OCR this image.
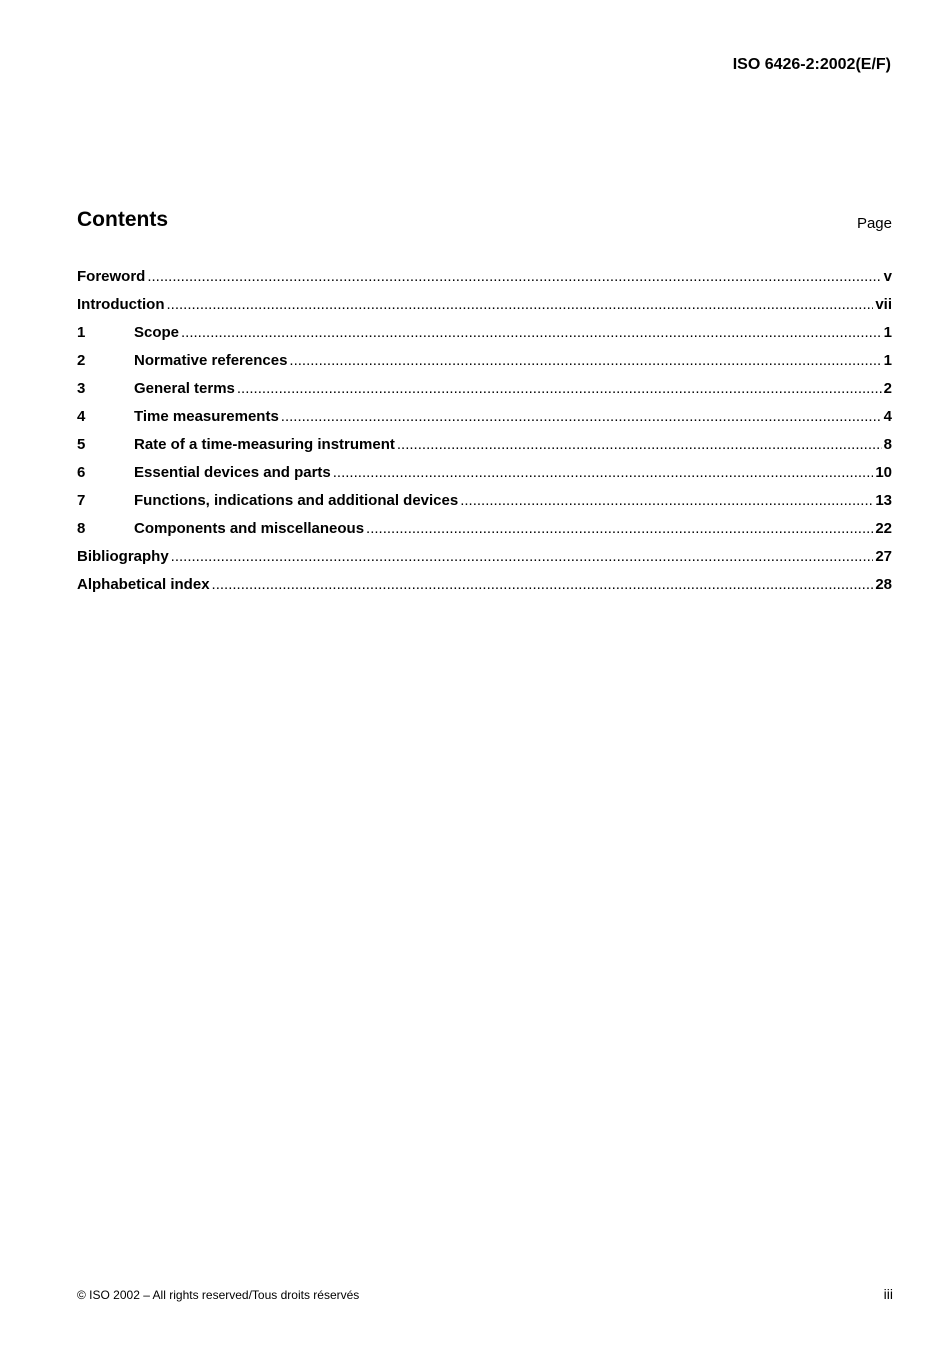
ISO 6426-2:2002(E/F)
Contents	Page
Foreword .....	v
Introduction .....	vii
1	Scope .....	1
2	Normative references .....	1
3	General terms .....	2
4	Time measurements .....	4
5	Rate of a time-measuring instrument .....	8
6	Essential devices and parts .....	10
7	Functions, indications and additional devices .....	13
8	Components and miscellaneous .....	22
Bibliography .....	27
Alphabetical index .....	28
© ISO 2002 – All rights reserved/Tous droits réservés	iii
